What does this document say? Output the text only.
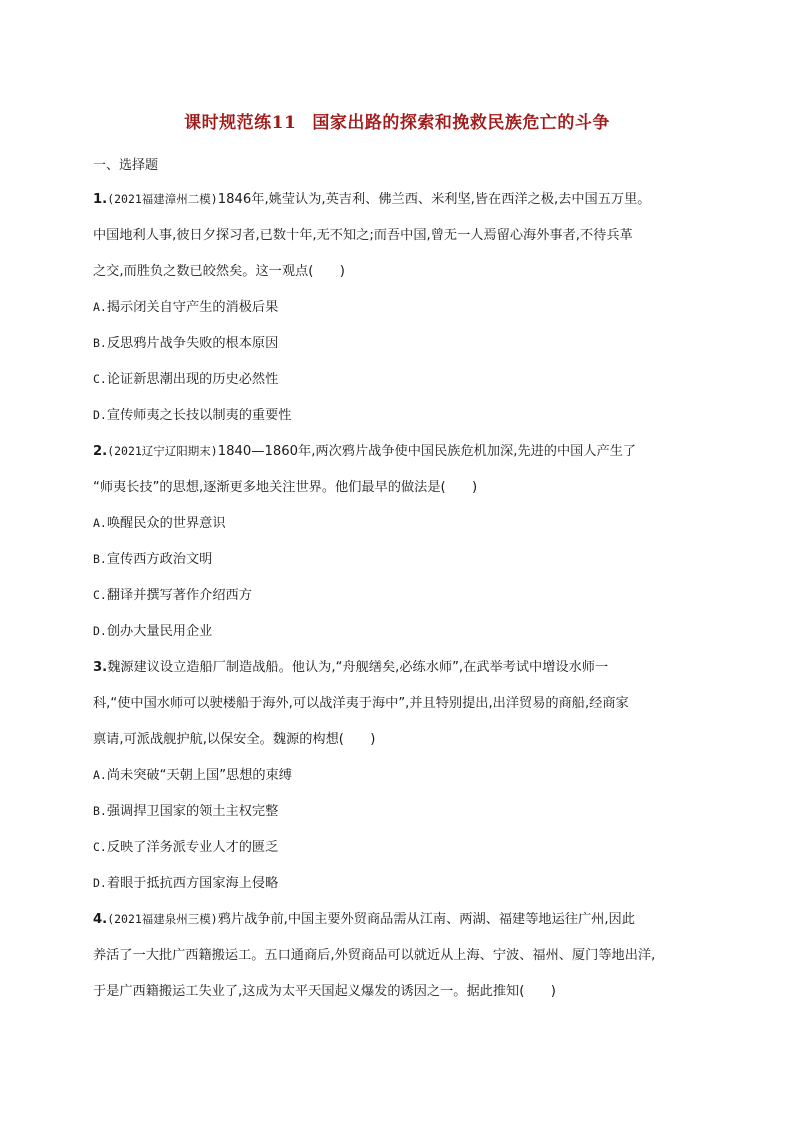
课时规范练11 国家出路的探索和挽救民族危亡的斗争
一、选择题
1.(2021福建漳州二模)1846年,姚莹认为,英吉利、佛兰西、米利坚,皆在西洋之极,去中国五万里。
中国地利人事,彼日夕探习者,已数十年,无不知之;而吾中国,曾无一人焉留心海外事者,不待兵革
之交,而胜负之数已皎然矣。这一观点(　　)
A.揭示闭关自守产生的消极后果
B.反思鸦片战争失败的根本原因
C.论证新思潮出现的历史必然性
D.宣传师夷之长技以制夷的重要性
2.(2021辽宁辽阳期末)1840—1860年,两次鸦片战争使中国民族危机加深,先进的中国人产生了
“师夷长技”的思想,逐渐更多地关注世界。他们最早的做法是(　　)
A.唤醒民众的世界意识
B.宣传西方政治文明
C.翻译并撰写著作介绍西方
D.创办大量民用企业
3.魏源建议设立造船厂制造战船。他认为,“舟舰缮矣,必练水师”,在武举考试中增设水师一
科,“使中国水师可以驶楼船于海外,可以战洋夷于海中”,并且特别提出,出洋贸易的商船,经商家
禀请,可派战舰护航,以保安全。魏源的构想(　　)
A.尚未突破“天朝上国”思想的束缚
B.强调捍卫国家的领土主权完整
C.反映了洋务派专业人才的匮乏
D.着眼于抵抗西方国家海上侵略
4.(2021福建泉州三模)鸦片战争前,中国主要外贸商品需从江南、两湖、福建等地运往广州,因此
养活了一大批广西籍搬运工。五口通商后,外贸商品可以就近从上海、宁波、福州、厦门等地出洋,
于是广西籍搬运工失业了,这成为太平天国起义爆发的诱因之一。据此推知(　　)
